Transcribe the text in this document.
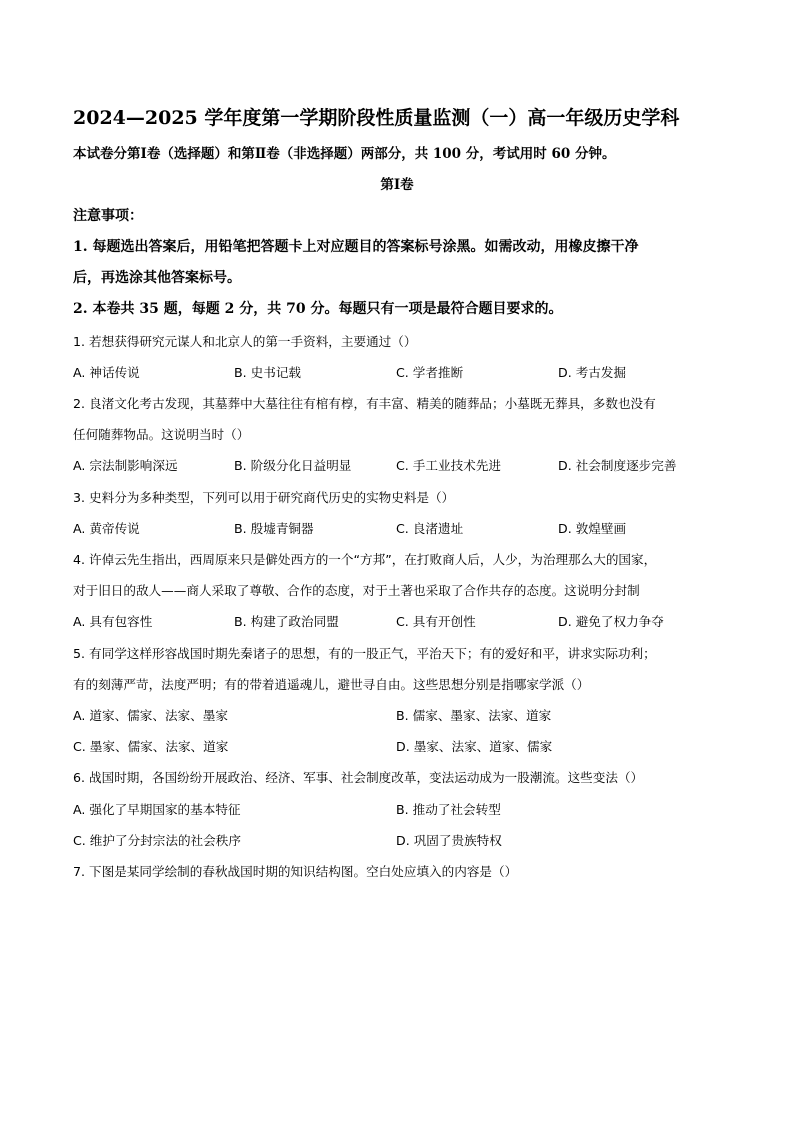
2024—2025 学年度第一学期阶段性质量监测（一）高一年级历史学科
本试卷分第Ⅰ卷（选择题）和第Ⅱ卷（非选择题）两部分，共 100 分，考试用时 60 分钟。
第Ⅰ卷
注意事项：
1. 每题选出答案后，用铅笔把答题卡上对应题目的答案标号涂黑。如需改动，用橡皮擦干净
后，再选涂其他答案标号。
2. 本卷共 35 题，每题 2 分，共 70 分。每题只有一项是最符合题目要求的。
1. 若想获得研究元谋人和北京人的第一手资料，主要通过（）
A. 神话传说	B. 史书记载	C. 学者推断	D. 考古发掘
2. 良渚文化考古发现，其墓葬中大墓往往有棺有椁，有丰富、精美的随葬品；小墓既无葬具，多数也没有
任何随葬物品。这说明当时（）
A. 宗法制影响深远	B. 阶级分化日益明显	C. 手工业技术先进	D. 社会制度逐步完善
3. 史料分为多种类型，下列可以用于研究商代历史的实物史料是（）
A. 黄帝传说	B. 殷墟青铜器	C. 良渚遗址	D. 敦煌壁画
4. 许倬云先生指出，西周原来只是僻处西方的一个“方邦”，在打败商人后，人少，为治理那么大的国家，
对于旧日的敌人——商人采取了尊敬、合作的态度，对于土著也采取了合作共存的态度。这说明分封制
A. 具有包容性	B. 构建了政治同盟	C. 具有开创性	D. 避免了权力争夺
5. 有同学这样形容战国时期先秦诸子的思想，有的一股正气，平治天下；有的爱好和平，讲求实际功利；
有的刻薄严苛，法度严明；有的带着逍遥魂儿，避世寻自由。这些思想分别是指哪家学派（）
A. 道家、儒家、法家、墨家	B. 儒家、墨家、法家、道家
C. 墨家、儒家、法家、道家	D. 墨家、法家、道家、儒家
6. 战国时期，各国纷纷开展政治、经济、军事、社会制度改革，变法运动成为一股潮流。这些变法（）
A. 强化了早期国家的基本特征	B. 推动了社会转型
C. 维护了分封宗法的社会秩序	D. 巩固了贵族特权
7. 下图是某同学绘制的春秋战国时期的知识结构图。空白处应填入的内容是（）
